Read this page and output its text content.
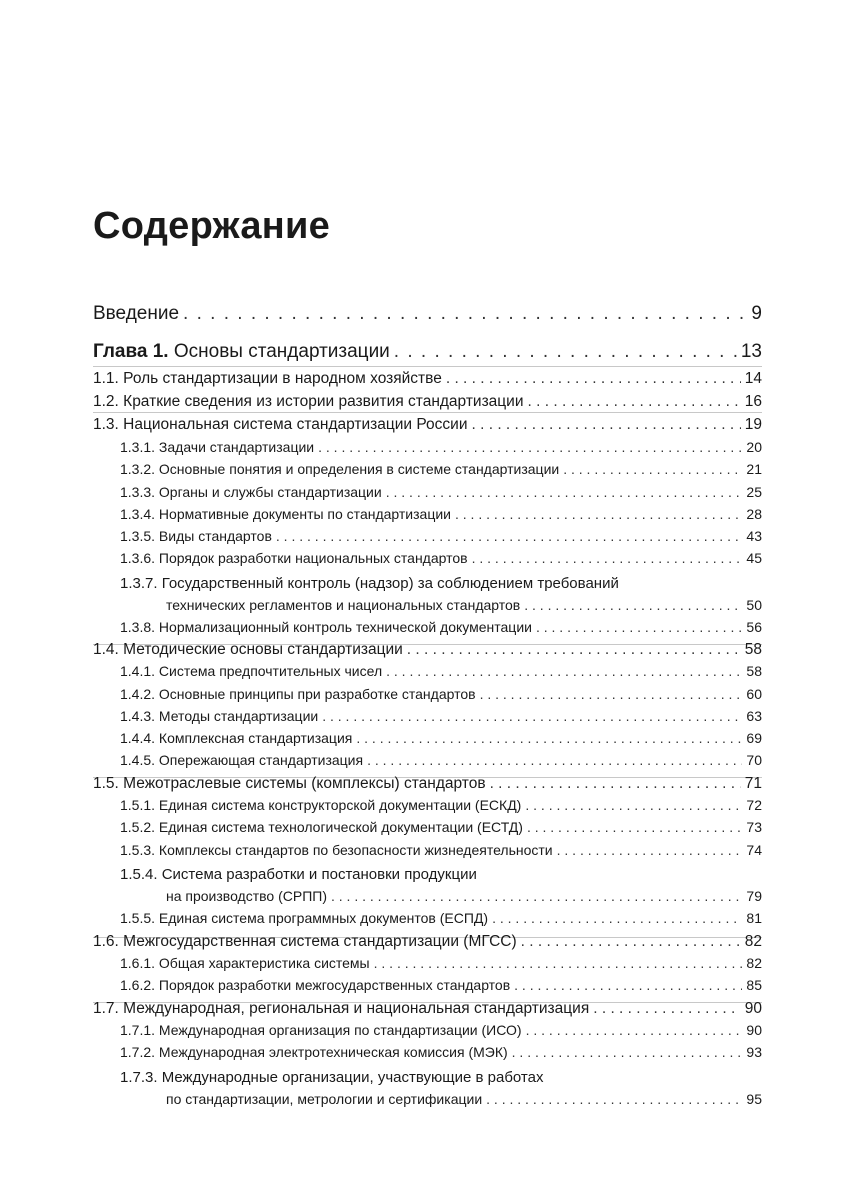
Содержание
Введение . . .	9
Глава 1. Основы стандартизации . . .	13
1.1. Роль стандартизации в народном хозяйстве . . .	14
1.2. Краткие сведения из истории развития стандартизации . . .	16
1.3. Национальная система стандартизации России . . .	19
1.3.1. Задачи стандартизации . . .	20
1.3.2. Основные понятия и определения в системе стандартизации . . .	21
1.3.3. Органы и службы стандартизации . . .	25
1.3.4. Нормативные документы по стандартизации . . .	28
1.3.5. Виды стандартов . . .	43
1.3.6. Порядок разработки национальных стандартов . . .	45
1.3.7. Государственный контроль (надзор) за соблюдением требований
технических регламентов и национальных стандартов . . .	50
1.3.8. Нормализационный контроль технической документации . . .	56
1.4. Методические основы стандартизации . . .	58
1.4.1. Система предпочтительных чисел . . .	58
1.4.2. Основные принципы при разработке стандартов . . .	60
1.4.3. Методы стандартизации . . .	63
1.4.4. Комплексная стандартизация . . .	69
1.4.5. Опережающая стандартизация . . .	70
1.5. Межотраслевые системы (комплексы) стандартов . . .	71
1.5.1. Единая система конструкторской документации (ЕСКД) . . .	72
1.5.2. Единая система технологической документации (ЕСТД) . . .	73
1.5.3. Комплексы стандартов по безопасности жизнедеятельности . . .	74
1.5.4. Система разработки и постановки продукции
на производство (СРПП) . . .	79
1.5.5. Единая система программных документов (ЕСПД) . . .	81
1.6. Межгосударственная система стандартизации (МГСС) . . .	82
1.6.1. Общая характеристика системы . . .	82
1.6.2. Порядок разработки межгосударственных стандартов . . .	85
1.7. Международная, региональная и национальная стандартизация . . .	90
1.7.1. Международная организация по стандартизации (ИСО) . . .	90
1.7.2. Международная электротехническая комиссия (МЭК) . . .	93
1.7.3. Международные организации, участвующие в работах
по стандартизации, метрологии и сертификации . . .	95
